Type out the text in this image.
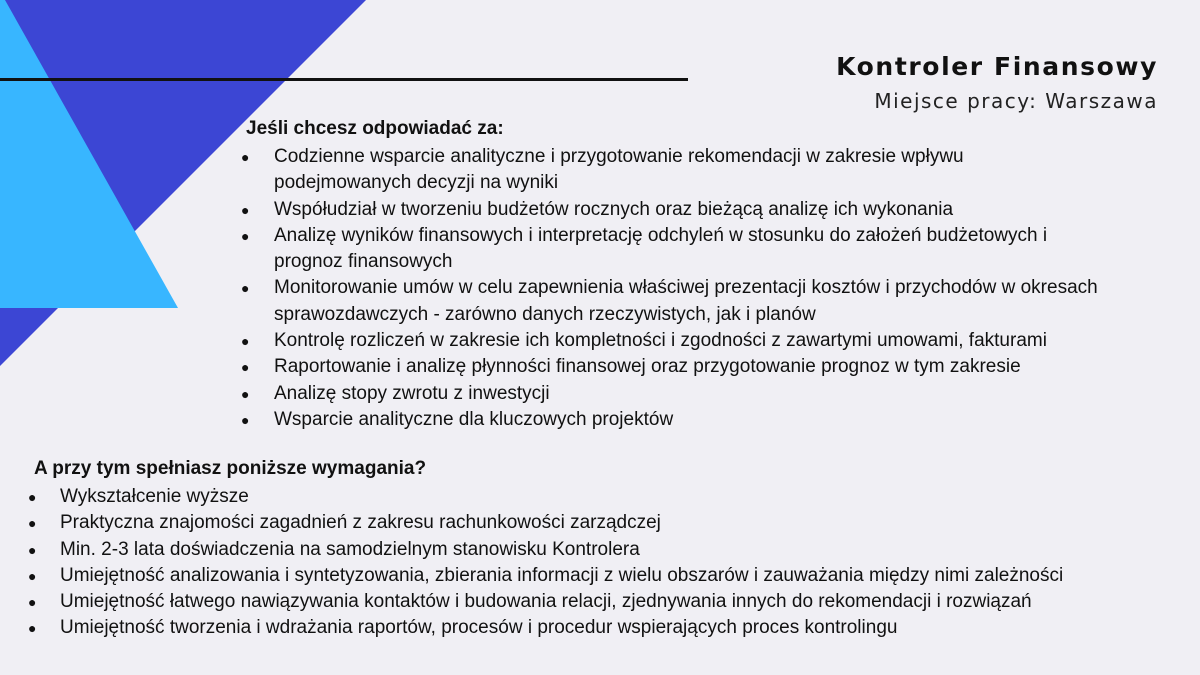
Kontroler Finansowy
Miejsce pracy: Warszawa
Jeśli chcesz odpowiadać za:
● Codzienne wsparcie analityczne i przygotowanie rekomendacji w zakresie wpływu
podejmowanych decyzji na wyniki
● Współudział w tworzeniu budżetów rocznych oraz bieżącą analizę ich wykonania
● Analizę wyników finansowych i interpretację odchyleń w stosunku do założeń budżetowych i
prognoz finansowych
● Monitorowanie umów w celu zapewnienia właściwej prezentacji kosztów i przychodów w okresach
sprawozdawczych - zarówno danych rzeczywistych, jak i planów
● Kontrolę rozliczeń w zakresie ich kompletności i zgodności z zawartymi umowami, fakturami
● Raportowanie i analizę płynności finansowej oraz przygotowanie prognoz w tym zakresie
● Analizę stopy zwrotu z inwestycji
● Wsparcie analityczne dla kluczowych projektów
A przy tym spełniasz poniższe wymagania?
● Wykształcenie wyższe
● Praktyczna znajomości zagadnień z zakresu rachunkowości zarządczej
● Min. 2-3 lata doświadczenia na samodzielnym stanowisku Kontrolera
● Umiejętność analizowania i syntetyzowania, zbierania informacji z wielu obszarów i zauważania między nimi zależności
● Umiejętność łatwego nawiązywania kontaktów i budowania relacji, zjednywania innych do rekomendacji i rozwiązań
● Umiejętność tworzenia i wdrażania raportów, procesów i procedur wspierających proces kontrolingu
